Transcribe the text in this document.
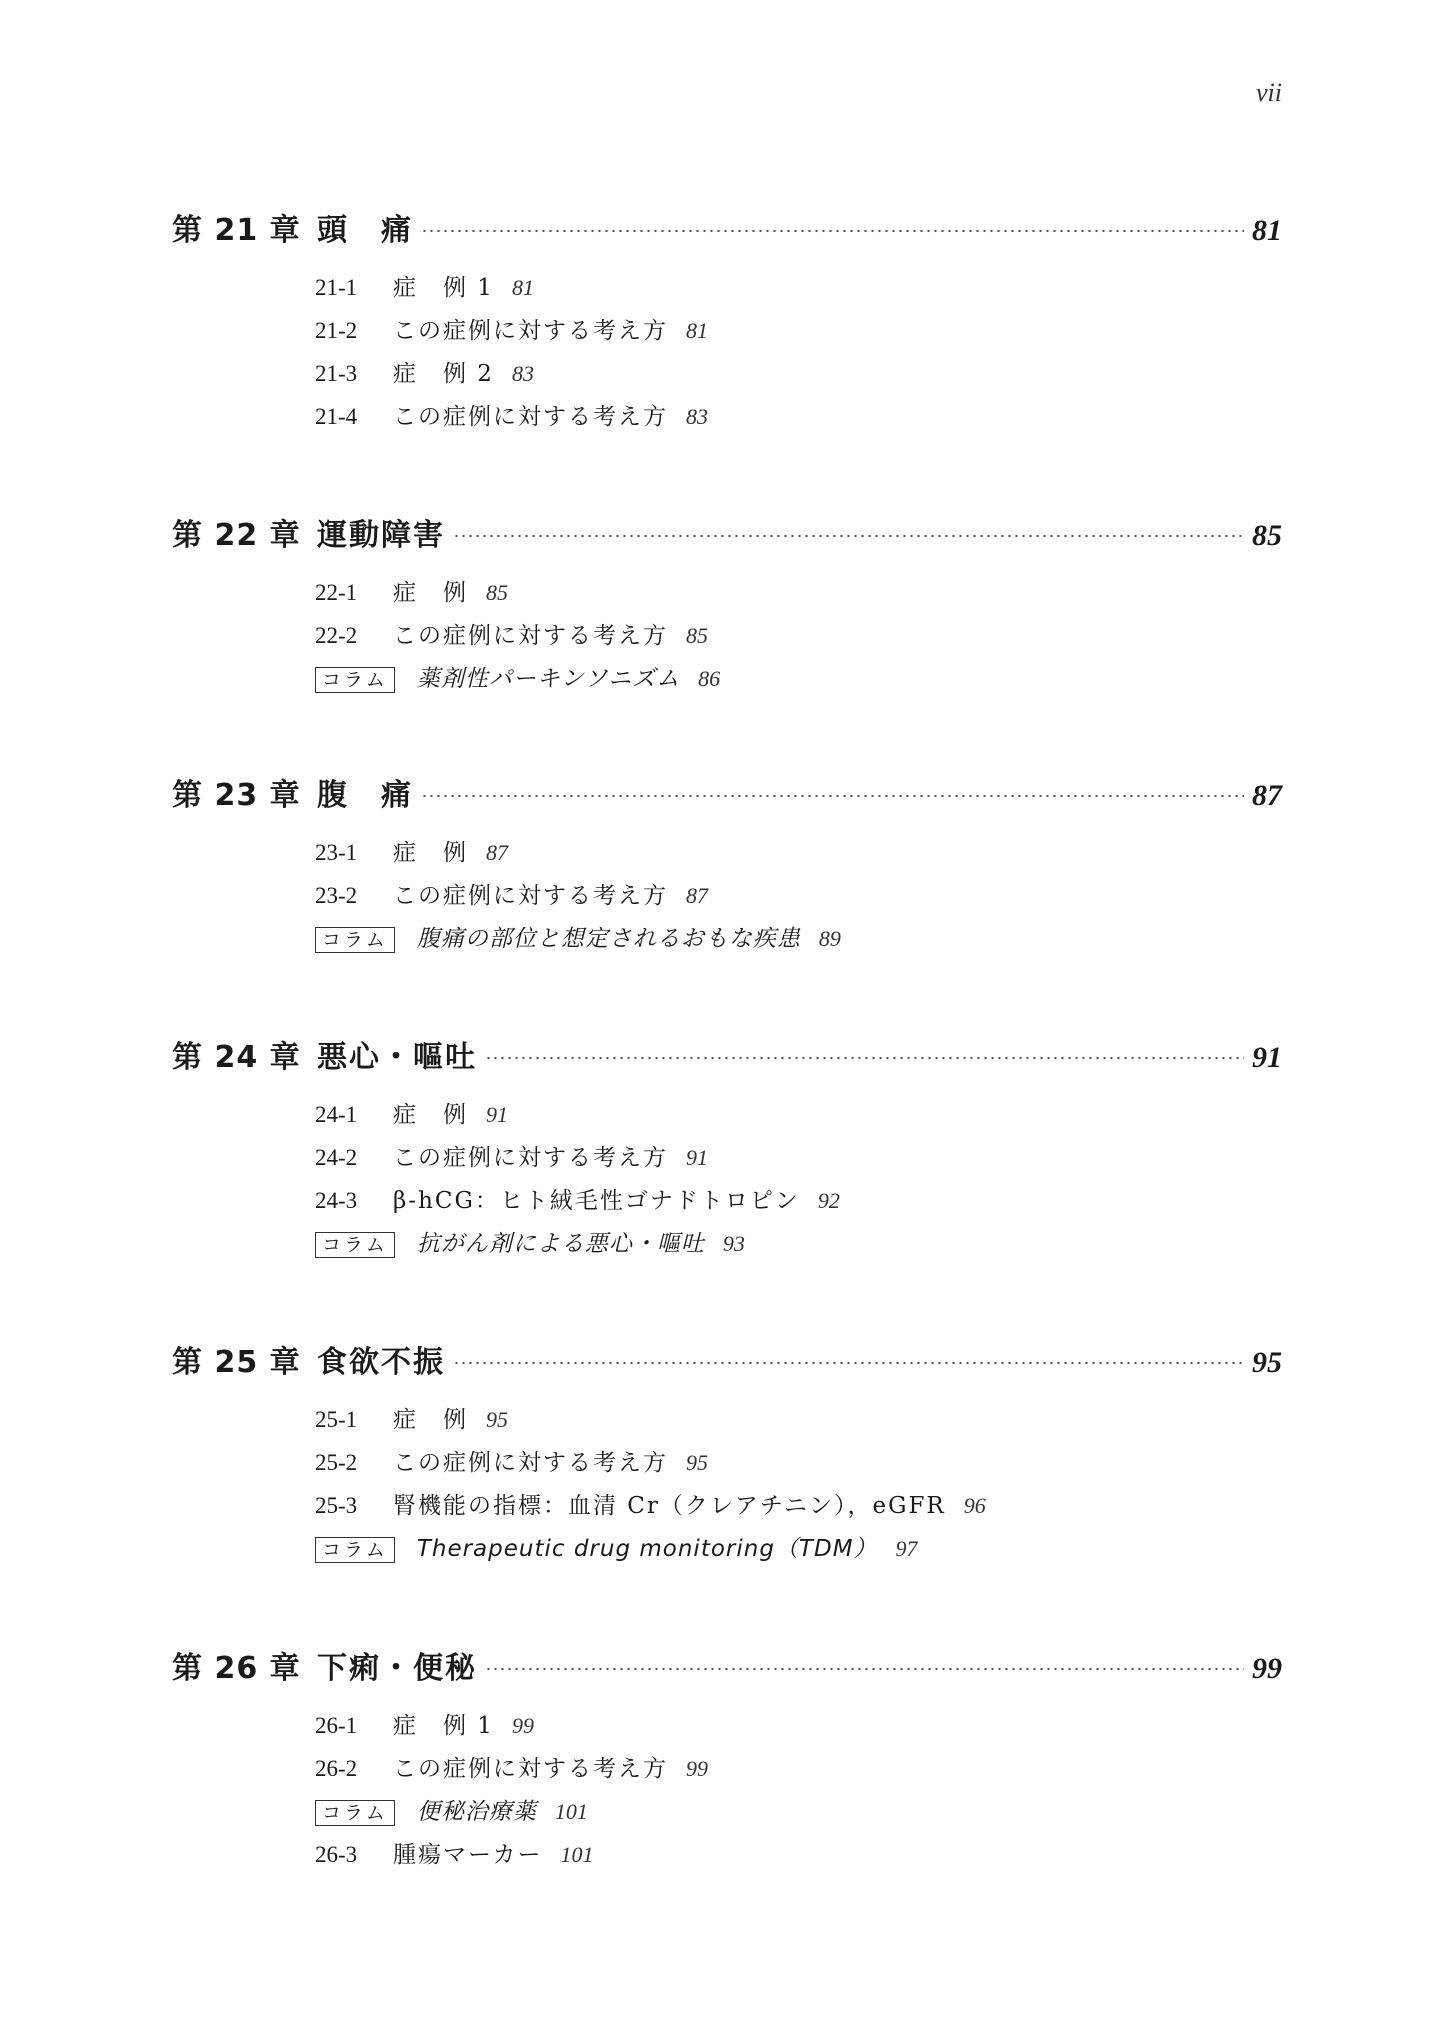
vii
第 21 章 頭　痛	81
21-1	症　例 1 81
21-2	この症例に対する考え方 81
21-3	症　例 2 83
21-4	この症例に対する考え方 83
第 22 章 運動障害	85
22-1	症　例 85
22-2	この症例に対する考え方 85
コラム	薬剤性パーキンソニズム 86
第 23 章 腹　痛	87
23-1	症　例 87
23-2	この症例に対する考え方 87
コラム	腹痛の部位と想定されるおもな疾患 89
第 24 章 悪心・嘔吐	91
24-1	症　例 91
24-2	この症例に対する考え方 91
24-3	β-hCG：ヒト絨毛性ゴナドトロピン 92
コラム	抗がん剤による悪心・嘔吐 93
第 25 章 食欲不振	95
25-1	症　例 95
25-2	この症例に対する考え方 95
25-3	腎機能の指標：血清 Cr（クレアチニン），eGFR 96
コラム	Therapeutic drug monitoring（TDM） 97
第 26 章 下痢・便秘	99
26-1	症　例 1 99
26-2	この症例に対する考え方 99
コラム	便秘治療薬 101
26-3	腫瘍マーカー 101
